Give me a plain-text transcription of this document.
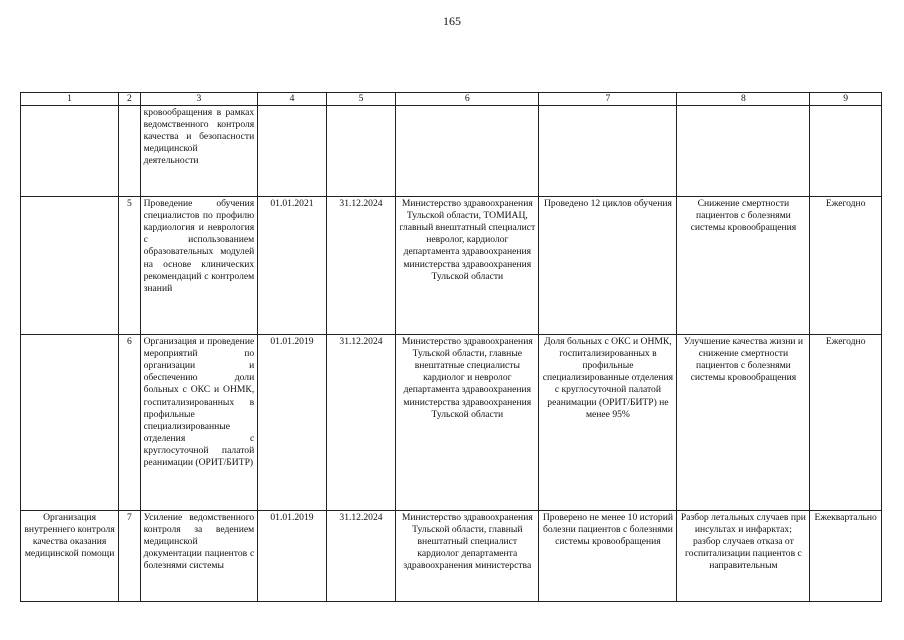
165
1	2	3	4	5	6	7	8	9
		кровообращения в рамках ведомственного контроля качества и безопасности медицинской деятельности						
	5	Проведение обучения специалистов по профилю кардиология и неврология с использованием образовательных модулей на основе клинических рекомендаций с контролем знаний	01.01.2021	31.12.2024	Министерство здравоохранения Тульской области, ТОМИАЦ, главный внештатный специалист невролог, кардиолог департамента здравоохранения министерства здравоохранения Тульской области	Проведено 12 циклов обучения	Снижение смертности пациентов с болезнями системы кровообращения	Ежегодно
	6	Организация и проведение мероприятий по организации и обеспечению доли больных с ОКС и ОНМК, госпитализированных в профильные специализированные отделения с круглосуточной палатой реанимации (ОРИТ/БИТР)	01.01.2019	31.12.2024	Министерство здравоохранения Тульской области, главные внештатные специалисты кардиолог и невролог департамента здравоохранения министерства здравоохранения Тульской области	Доля больных с ОКС и ОНМК, госпитализированных в профильные специализированные отделения с круглосуточной палатой реанимации (ОРИТ/БИТР) не менее 95%	Улучшение качества жизни и снижение смертности пациентов с болезнями системы кровообращения	Ежегодно
Организация внутреннего контроля качества оказания медицинской помощи	7	Усиление ведомственного контроля за ведением медицинской документации пациентов с болезнями системы	01.01.2019	31.12.2024	Министерство здравоохранения Тульской области, главный внештатный специалист кардиолог департамента здравоохранения министерства	Проверено не менее 10 историй болезни пациентов с болезнями системы кровообращения	Разбор летальных случаев при инсультах и инфарктах; разбор случаев отказа от госпитализации пациентов с направительным	Ежеквартально
